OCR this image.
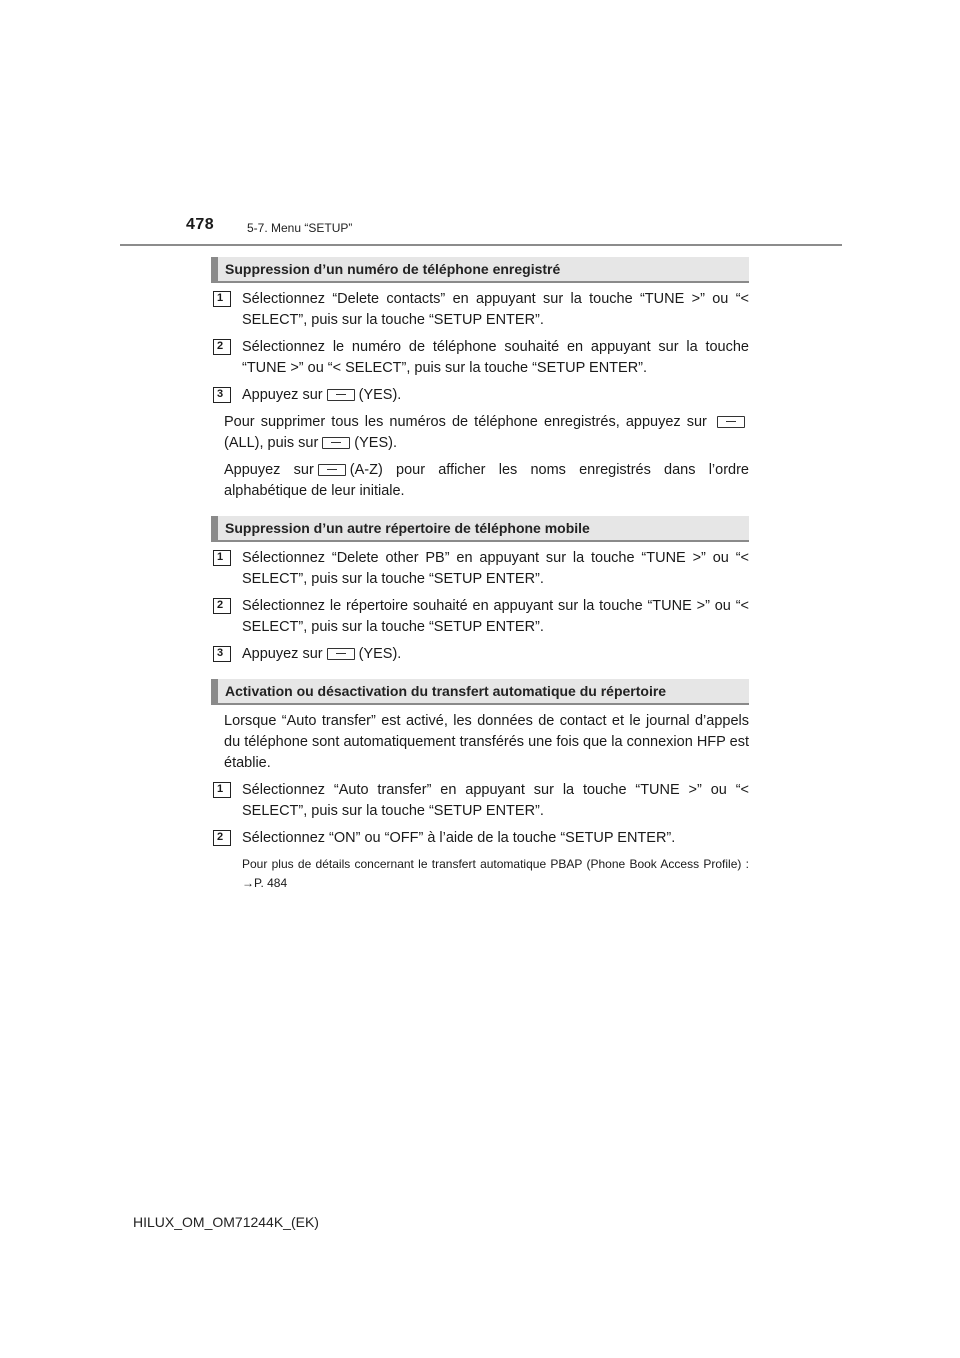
478	5-7. Menu “SETUP”
Suppression d’un numéro de téléphone enregistré
1	Sélectionnez “Delete contacts” en appuyant sur la touche “TUNE >” ou “< SELECT”, puis sur la touche “SETUP ENTER”.
2	Sélectionnez le numéro de téléphone souhaité en appuyant sur la touche “TUNE >” ou “< SELECT”, puis sur la touche “SETUP ENTER”.
3	Appuyez sur (YES).
Pour supprimer tous les numéros de téléphone enregistrés, appuyez sur (ALL), puis sur (YES).
Appuyez sur (A-Z) pour afficher les noms enregistrés dans l’ordre alphabétique de leur initiale.
Suppression d’un autre répertoire de téléphone mobile
1	Sélectionnez “Delete other PB” en appuyant sur la touche “TUNE >” ou “< SELECT”, puis sur la touche “SETUP ENTER”.
2	Sélectionnez le répertoire souhaité en appuyant sur la touche “TUNE >” ou “< SELECT”, puis sur la touche “SETUP ENTER”.
3	Appuyez sur (YES).
Activation ou désactivation du transfert automatique du répertoire
Lorsque “Auto transfer” est activé, les données de contact et le journal d’appels du téléphone sont automatiquement transférés une fois que la connexion HFP est établie.
1	Sélectionnez “Auto transfer” en appuyant sur la touche “TUNE >” ou “< SELECT”, puis sur la touche “SETUP ENTER”.
2	Sélectionnez “ON” ou “OFF” à l’aide de la touche “SETUP ENTER”.
Pour plus de détails concernant le transfert automatique PBAP (Phone Book Access Profile) : →P. 484
HILUX_OM_OM71244K_(EK)
